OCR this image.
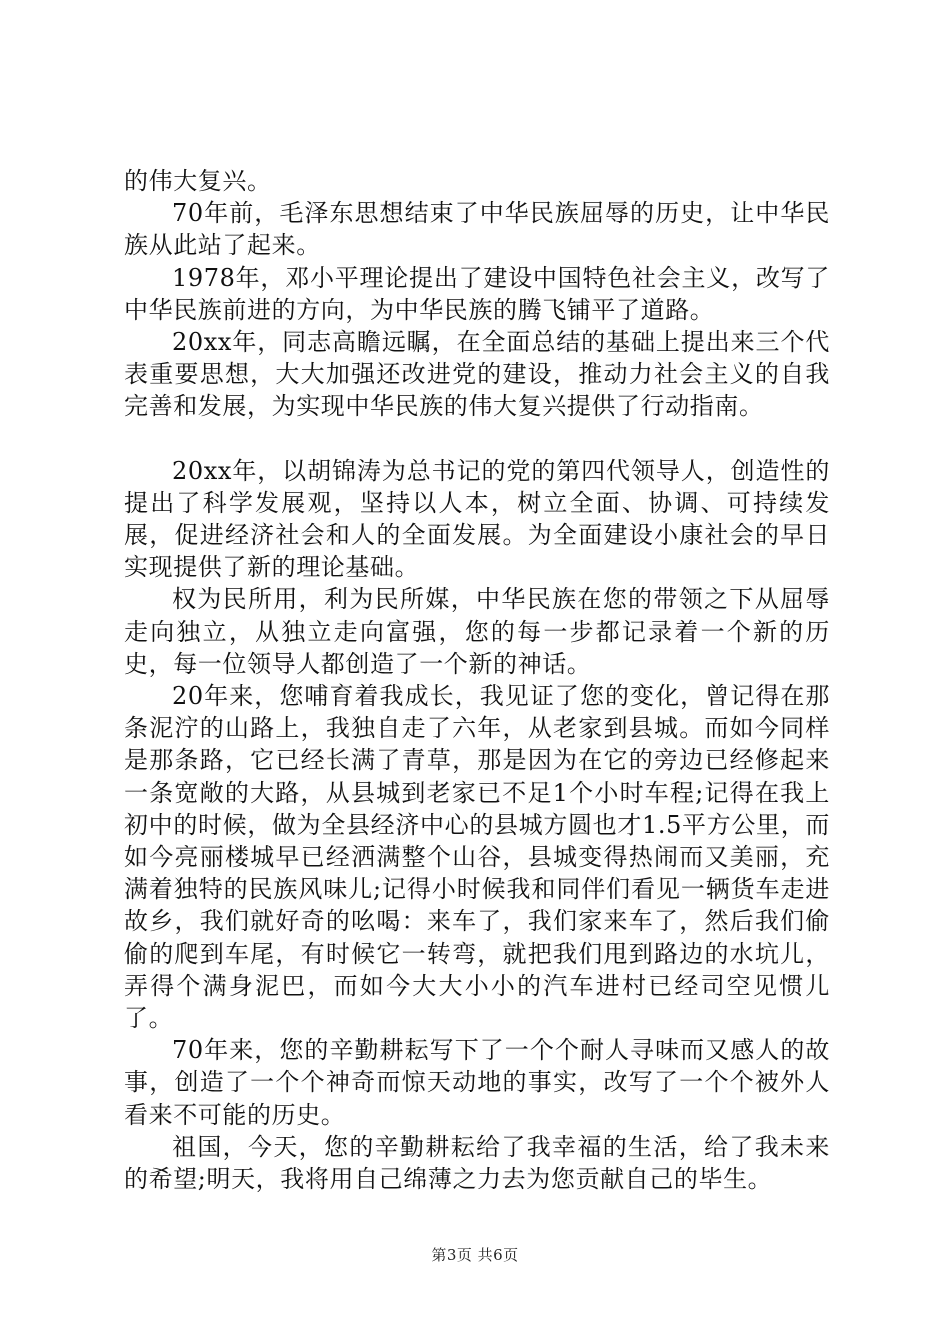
的伟大复兴。

70年前，毛泽东思想结束了中华民族屈辱的历史，让中华民族从此站了起来。

1978年，邓小平理论提出了建设中国特色社会主义，改写了中华民族前进的方向，为中华民族的腾飞铺平了道路。

20xx年，同志高瞻远瞩，在全面总结的基础上提出来三个代表重要思想，大大加强还改进党的建设，推动力社会主义的自我完善和发展，为实现中华民族的伟大复兴提供了行动指南。

20xx年，以胡锦涛为总书记的党的第四代领导人，创造性的提出了科学发展观，坚持以人本，树立全面、协调、可持续发展，促进经济社会和人的全面发展。为全面建设小康社会的早日实现提供了新的理论基础。

权为民所用，利为民所媒，中华民族在您的带领之下从屈辱走向独立，从独立走向富强，您的每一步都记录着一个新的历史，每一位领导人都创造了一个新的神话。

20年来，您哺育着我成长，我见证了您的变化，曾记得在那条泥泞的山路上，我独自走了六年，从老家到县城。而如今同样是那条路，它已经长满了青草，那是因为在它的旁边已经修起来一条宽敞的大路，从县城到老家已不足1个小时车程;记得在我上初中的时候，做为全县经济中心的县城方圆也才1.5平方公里，而如今亮丽楼城早已经洒满整个山谷，县城变得热闹而又美丽，充满着独特的民族风味儿;记得小时候我和同伴们看见一辆货车走进故乡，我们就好奇的吆喝：来车了，我们家来车了，然后我们偷偷的爬到车尾，有时候它一转弯，就把我们甩到路边的水坑儿，弄得个满身泥巴，而如今大大小小的汽车进村已经司空见惯儿了。

70年来，您的辛勤耕耘写下了一个个耐人寻味而又感人的故事，创造了一个个神奇而惊天动地的事实，改写了一个个被外人看来不可能的历史。

祖国，今天，您的辛勤耕耘给了我幸福的生活，给了我未来的希望;明天，我将用自己绵薄之力去为您贡献自己的毕生。

第3页 共6页
